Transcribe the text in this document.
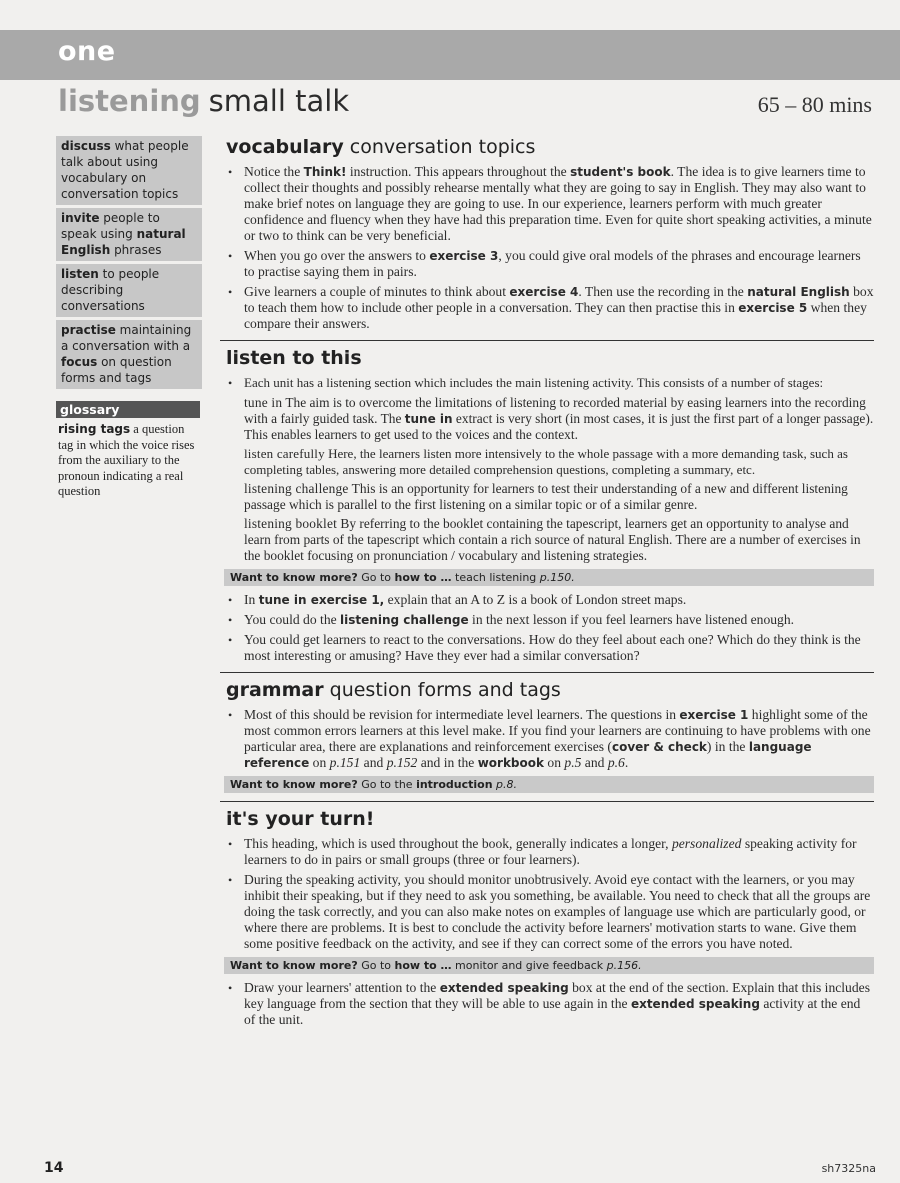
one
listening small talk	65 – 80 mins
discuss what people talk about using vocabulary on conversation topics
invite people to speak using natural English phrases
listen to people describing conversations
practise maintaining a conversation with a focus on question forms and tags
glossary
rising tags a question tag in which the voice rises from the auxiliary to the pronoun indicating a real question
vocabulary conversation topics
• Notice the Think! instruction. This appears throughout the student's book. The idea is to give learners time to collect their thoughts and possibly rehearse mentally what they are going to say in English. They may also want to make brief notes on language they are going to use. In our experience, learners perform with much greater confidence and fluency when they have had this preparation time. Even for quite short speaking activities, a minute or two to think can be very beneficial.
• When you go over the answers to exercise 3, you could give oral models of the phrases and encourage learners to practise saying them in pairs.
• Give learners a couple of minutes to think about exercise 4. Then use the recording in the natural English box to teach them how to include other people in a conversation. They can then practise this in exercise 5 when they compare their answers.
listen to this
• Each unit has a listening section which includes the main listening activity. This consists of a number of stages:
tune in The aim is to overcome the limitations of listening to recorded material by easing learners into the recording with a fairly guided task. The tune in extract is very short (in most cases, it is just the first part of a longer passage). This enables learners to get used to the voices and the context.
listen carefully Here, the learners listen more intensively to the whole passage with a more demanding task, such as completing tables, answering more detailed comprehension questions, completing a summary, etc.
listening challenge This is an opportunity for learners to test their understanding of a new and different listening passage which is parallel to the first listening on a similar topic or of a similar genre.
listening booklet By referring to the booklet containing the tapescript, learners get an opportunity to analyse and learn from parts of the tapescript which contain a rich source of natural English. There are a number of exercises in the booklet focusing on pronunciation / vocabulary and listening strategies.
Want to know more? Go to how to … teach listening p.150.
• In tune in exercise 1, explain that an A to Z is a book of London street maps.
• You could do the listening challenge in the next lesson if you feel learners have listened enough.
• You could get learners to react to the conversations. How do they feel about each one? Which do they think is the most interesting or amusing? Have they ever had a similar conversation?
grammar question forms and tags
• Most of this should be revision for intermediate level learners. The questions in exercise 1 highlight some of the most common errors learners at this level make. If you find your learners are continuing to have problems with one particular area, there are explanations and reinforcement exercises (cover & check) in the language reference on p.151 and p.152 and in the workbook on p.5 and p.6.
Want to know more? Go to the introduction p.8.
it's your turn!
• This heading, which is used throughout the book, generally indicates a longer, personalized speaking activity for learners to do in pairs or small groups (three or four learners).
• During the speaking activity, you should monitor unobtrusively. Avoid eye contact with the learners, or you may inhibit their speaking, but if they need to ask you something, be available. You need to check that all the groups are doing the task correctly, and you can also make notes on examples of language use which are particularly good, or where there are problems. It is best to conclude the activity before learners' motivation starts to wane. Give them some positive feedback on the activity, and see if they can correct some of the errors you have noted.
Want to know more? Go to how to … monitor and give feedback p.156.
• Draw your learners' attention to the extended speaking box at the end of the section. Explain that this includes key language from the section that they will be able to use again in the extended speaking activity at the end of the unit.
14	sh7325na
